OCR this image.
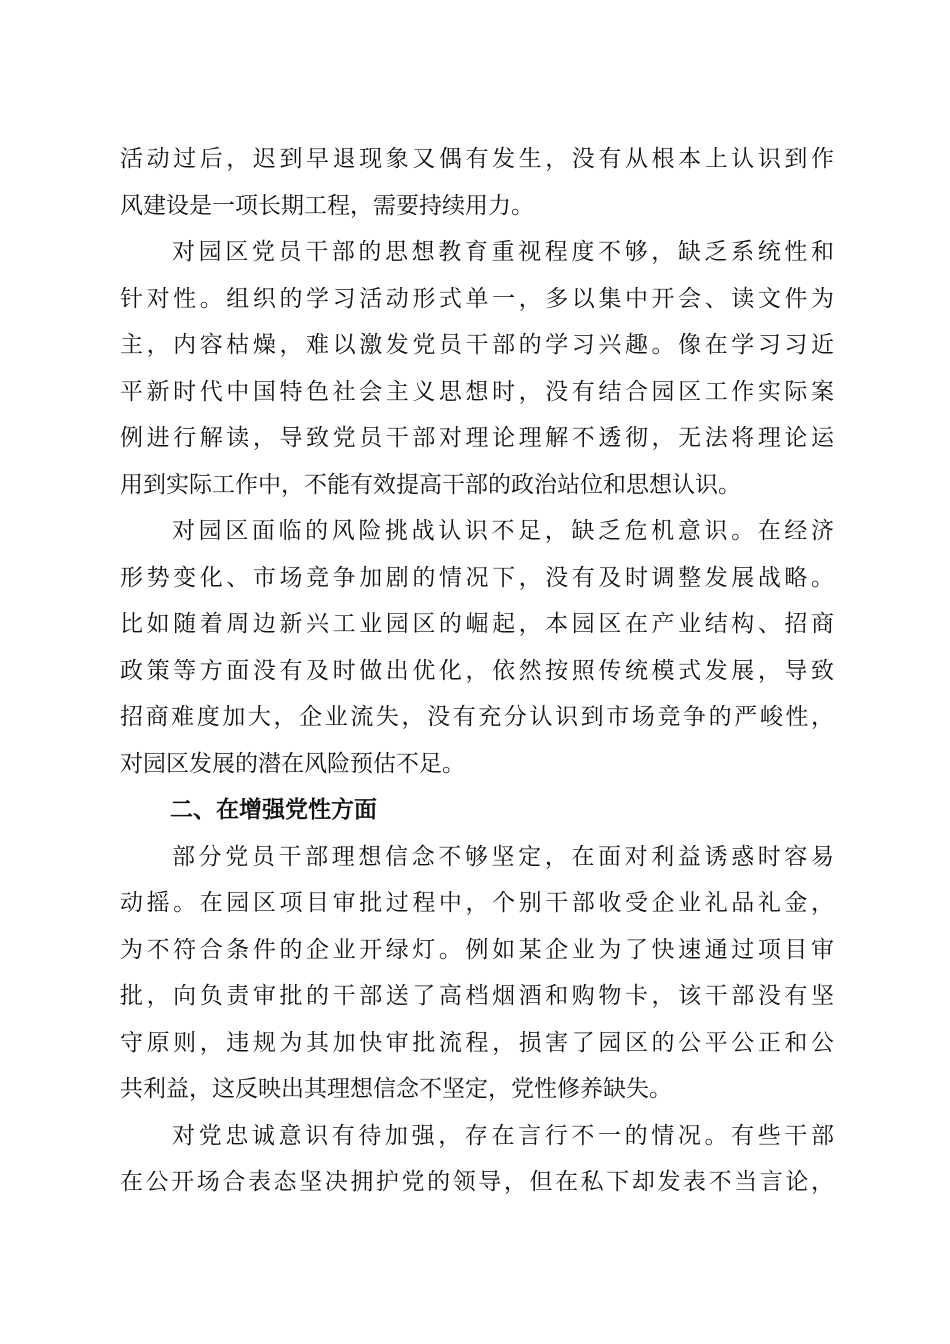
活动过后，迟到早退现象又偶有发生，没有从根本上认识到作
风建设是一项长期工程，需要持续用力。
对园区党员干部的思想教育重视程度不够，缺乏系统性和
针对性。组织的学习活动形式单一，多以集中开会、读文件为
主，内容枯燥，难以激发党员干部的学习兴趣。像在学习习近
平新时代中国特色社会主义思想时，没有结合园区工作实际案
例进行解读，导致党员干部对理论理解不透彻，无法将理论运
用到实际工作中，不能有效提高干部的政治站位和思想认识。
对园区面临的风险挑战认识不足，缺乏危机意识。在经济
形势变化、市场竞争加剧的情况下，没有及时调整发展战略。
比如随着周边新兴工业园区的崛起，本园区在产业结构、招商
政策等方面没有及时做出优化，依然按照传统模式发展，导致
招商难度加大，企业流失，没有充分认识到市场竞争的严峻性，
对园区发展的潜在风险预估不足。
二、在增强党性方面
部分党员干部理想信念不够坚定，在面对利益诱惑时容易
动摇。在园区项目审批过程中，个别干部收受企业礼品礼金，
为不符合条件的企业开绿灯。例如某企业为了快速通过项目审
批，向负责审批的干部送了高档烟酒和购物卡，该干部没有坚
守原则，违规为其加快审批流程，损害了园区的公平公正和公
共利益，这反映出其理想信念不坚定，党性修养缺失。
对党忠诚意识有待加强，存在言行不一的情况。有些干部
在公开场合表态坚决拥护党的领导，但在私下却发表不当言论，
